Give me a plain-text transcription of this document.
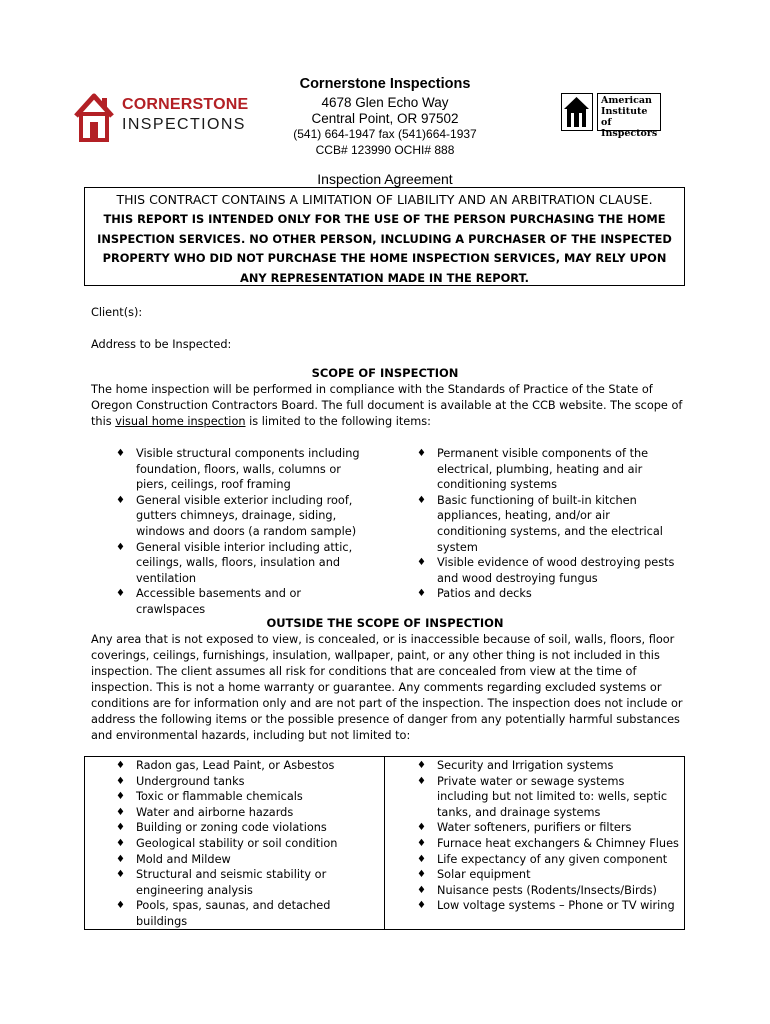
CORNERSTONE
INSPECTIONS
Cornerstone Inspections
4678 Glen Echo Way
Central Point, OR 97502
(541) 664-1947 fax (541)664-1937
CCB# 123990 OCHI# 888
American
Institute of
Inspectors
Inspection Agreement
THIS CONTRACT CONTAINS A LIMITATION OF LIABILITY AND AN ARBITRATION CLAUSE.
THIS REPORT IS INTENDED ONLY FOR THE USE OF THE PERSON PURCHASING THE HOME INSPECTION SERVICES. NO OTHER PERSON, INCLUDING A PURCHASER OF THE INSPECTED PROPERTY WHO DID NOT PURCHASE THE HOME INSPECTION SERVICES, MAY RELY UPON ANY REPRESENTATION MADE IN THE REPORT.
Client(s):
Address to be Inspected:
SCOPE OF INSPECTION
The home inspection will be performed in compliance with the Standards of Practice of the State of Oregon Construction Contractors Board. The full document is available at the CCB website. The scope of this visual home inspection is limited to the following items:
♦ Visible structural components including foundation, floors, walls, columns or piers, ceilings, roof framing
♦ General visible exterior including roof, gutters chimneys, drainage, siding, windows and doors (a random sample)
♦ General visible interior including attic, ceilings, walls, floors, insulation and ventilation
♦ Accessible basements and or crawlspaces
♦ Permanent visible components of the electrical, plumbing, heating and air conditioning systems
♦ Basic functioning of built-in kitchen appliances, heating, and/or air conditioning systems, and the electrical system
♦ Visible evidence of wood destroying pests and wood destroying fungus
♦ Patios and decks
OUTSIDE THE SCOPE OF INSPECTION
Any area that is not exposed to view, is concealed, or is inaccessible because of soil, walls, floors, floor coverings, ceilings, furnishings, insulation, wallpaper, paint, or any other thing is not included in this inspection. The client assumes all risk for conditions that are concealed from view at the time of inspection. This is not a home warranty or guarantee. Any comments regarding excluded systems or conditions are for information only and are not part of the inspection. The inspection does not include or address the following items or the possible presence of danger from any potentially harmful substances and environmental hazards, including but not limited to:
♦ Radon gas, Lead Paint, or Asbestos
♦ Underground tanks
♦ Toxic or flammable chemicals
♦ Water and airborne hazards
♦ Building or zoning code violations
♦ Geological stability or soil condition
♦ Mold and Mildew
♦ Structural and seismic stability or engineering analysis
♦ Pools, spas, saunas, and detached buildings
♦ Security and Irrigation systems
♦ Private water or sewage systems including but not limited to: wells, septic tanks, and drainage systems
♦ Water softeners, purifiers or filters
♦ Furnace heat exchangers & Chimney Flues
♦ Life expectancy of any given component
♦ Solar equipment
♦ Nuisance pests (Rodents/Insects/Birds)
♦ Low voltage systems – Phone or TV wiring
